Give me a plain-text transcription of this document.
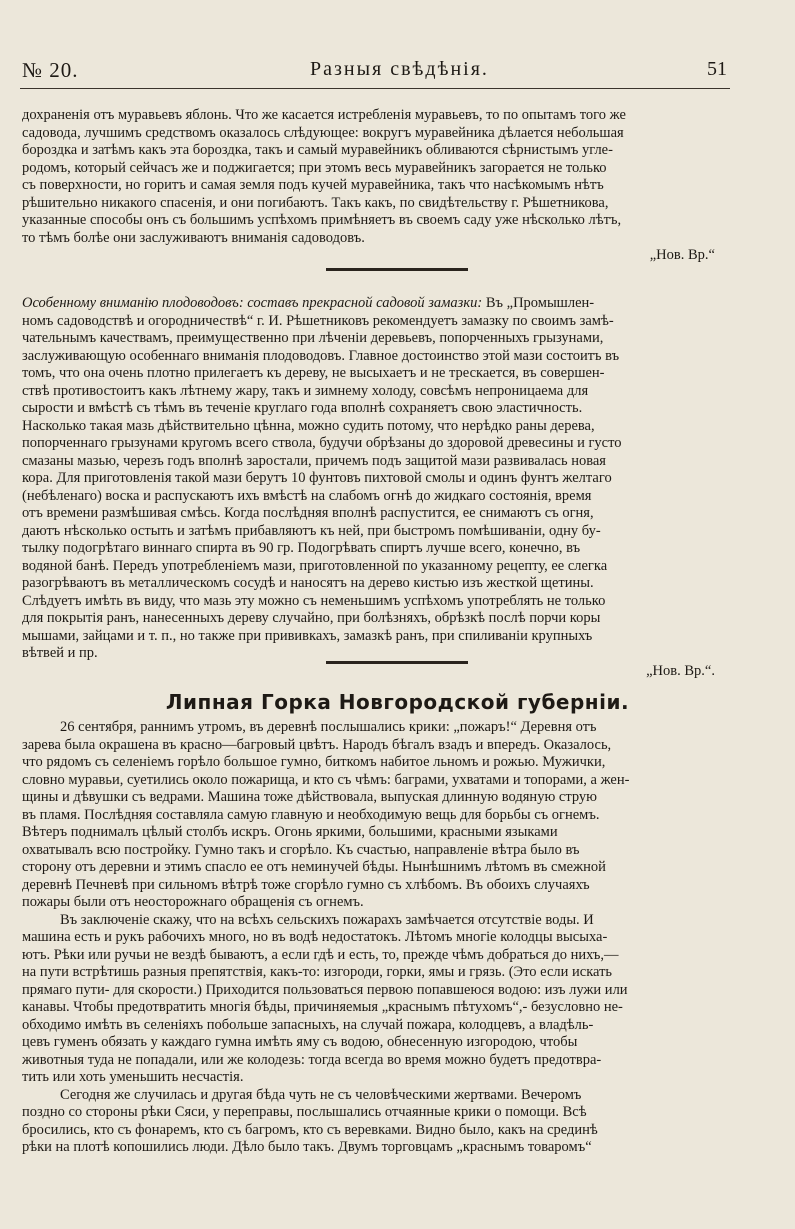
№ 20.	Разныя свѣдѣнія.	51
дохраненія отъ муравьевъ яблонь. Что же касается истребленія муравьевъ, то по опытамъ того же
садовода, лучшимъ средствомъ оказалось слѣдующее: вокругъ муравейника дѣлается небольшая
бороздка и затѣмъ какъ эта бороздка, такъ и самый муравейникъ обливаются сѣрнистымъ угле-
родомъ, который сейчасъ же и поджигается; при этомъ весь муравейникъ загорается не только
съ поверхности, но горитъ и самая земля подъ кучей муравейника, такъ что насѣкомымъ нѣтъ
рѣшительно никакого спасенія, и они погибаютъ. Такъ какъ, по свидѣтельству г. Рѣшетникова,
указанные способы онъ съ большимъ успѣхомъ примѣняетъ въ своемъ саду уже нѣсколько лѣтъ,
то тѣмъ болѣе они заслуживаютъ вниманія садоводовъ.
„Нов. Вр.“
Особенному вниманію плодоводовъ: составъ прекрасной садовой замазки: Въ „Промышлен-
номъ садоводствѣ и огородничествѣ“ г. И. Рѣшетниковъ рекомендуетъ замазку по своимъ замѣ-
чательнымъ качествамъ, преимущественно при лѣченіи деревьевъ, попорченныхъ грызунами,
заслуживающую особеннаго вниманія плодоводовъ. Главное достоинство этой мази состоитъ въ
томъ, что она очень плотно прилегаетъ къ дереву, не высыхаетъ и не трескается, въ совершен-
ствѣ противостоитъ какъ лѣтнему жару, такъ и зимнему холоду, совсѣмъ непроницаема для
сырости и вмѣстѣ съ тѣмъ въ теченіе круглаго года вполнѣ сохраняетъ свою эластичность.
Насколько такая мазь дѣйствительно цѣнна, можно судить потому, что нерѣдко раны дерева,
попорченнаго грызунами кругомъ всего ствола, будучи обрѣзаны до здоровой древесины и густо
смазаны мазью, черезъ годъ вполнѣ заростали, причемъ подъ защитой мази развивалась новая
кора. Для приготовленія такой мази берутъ 10 фунтовъ пихтовой смолы и одинъ фунтъ желтаго
(небѣленаго) воска и распускаютъ ихъ вмѣстѣ на слабомъ огнѣ до жидкаго состоянія, время
отъ времени размѣшивая смѣсь. Когда послѣдняя вполнѣ распустится, ее снимаютъ съ огня,
даютъ нѣсколько остыть и затѣмъ прибавляютъ къ ней, при быстромъ помѣшиваніи, одну бу-
тылку подогрѣтаго виннаго спирта въ 90 гр. Подогрѣвать спиртъ лучше всего, конечно, въ
водяной банѣ. Передъ употребленіемъ мази, приготовленной по указанному рецепту, ее слегка
разогрѣваютъ въ металлическомъ сосудѣ и наносятъ на дерево кистью изъ жесткой щетины.
Слѣдуетъ имѣть въ виду, что мазь эту можно съ неменьшимъ успѣхомъ употреблять не только
для покрытія ранъ, нанесенныхъ дереву случайно, при болѣзняхъ, обрѣзкѣ послѣ порчи коры
мышами, зайцами и т. п., но также при прививкахъ, замазкѣ ранъ, при спиливаніи крупныхъ
вѣтвей и пр.
„Нов. Вр.“.
Липная Горка Новгородской губерніи.
26 сентября, раннимъ утромъ, въ деревнѣ послышались крики: „пожаръ!“ Деревня отъ
зарева была окрашена въ красно—багровый цвѣтъ. Народъ бѣгалъ взадъ и впередъ. Оказалось,
что рядомъ съ селеніемъ горѣло большое гумно, биткомъ набитое льномъ и рожью. Мужички,
словно муравьи, суетились около пожарища, и кто съ чѣмъ: баграми, ухватами и топорами, а жен-
щины и дѣвушки съ ведрами. Машина тоже дѣйствовала, выпуская длинную водяную струю
въ пламя. Послѣдняя составляла самую главную и необходимую вещь для борьбы съ огнемъ.
Вѣтеръ поднималъ цѣлый столбъ искръ. Огонь яркими, большими, красными языками
охватывалъ всю постройку. Гумно такъ и сгорѣло. Къ счастью, направленіе вѣтра было въ
сторону отъ деревни и этимъ спасло ее отъ неминучей бѣды. Нынѣшнимъ лѣтомъ въ смежной
деревнѣ Печневѣ при сильномъ вѣтрѣ тоже сгорѣло гумно съ хлѣбомъ. Въ обоихъ случаяхъ
пожары были отъ неосторожнаго обращенія съ огнемъ.
Въ заключеніе скажу, что на всѣхъ сельскихъ пожарахъ замѣчается отсутствіе воды. И
машина есть и рукъ рабочихъ много, но въ водѣ недостатокъ. Лѣтомъ многіе колодцы высыха-
ютъ. Рѣки или ручьи не вездѣ бываютъ, а если гдѣ и есть, то, прежде чѣмъ добраться до нихъ,—
на пути встрѣтишь разныя препятствія, какъ-то: изгороди, горки, ямы и грязь. (Это если искать
прямаго пути- для скорости.) Приходится пользоваться первою попавшеюся водою: изъ лужи или
канавы. Чтобы предотвратить многія бѣды, причиняемыя „краснымъ пѣтухомъ“,- безусловно не-
обходимо имѣть въ селеніяхъ побольше запасныхъ, на случай пожара, колодцевъ, а владѣль-
цевъ гуменъ обязать у каждаго гумна имѣть яму съ водою, обнесенную изгородою, чтобы
животныя туда не попадали, или же колодезь: тогда всегда во время можно будетъ предотвра-
тить или хоть уменьшить несчастія.
Сегодня же случилась и другая бѣда чуть не съ человѣческими жертвами. Вечеромъ
поздно со стороны рѣки Сяси, у переправы, послышались отчаянные крики о помощи. Всѣ
бросились, кто съ фонаремъ, кто съ багромъ, кто съ веревками. Видно было, какъ на срединѣ
рѣки на плотѣ копошились люди. Дѣло было такъ. Двумъ торговцамъ „краснымъ товаромъ“
